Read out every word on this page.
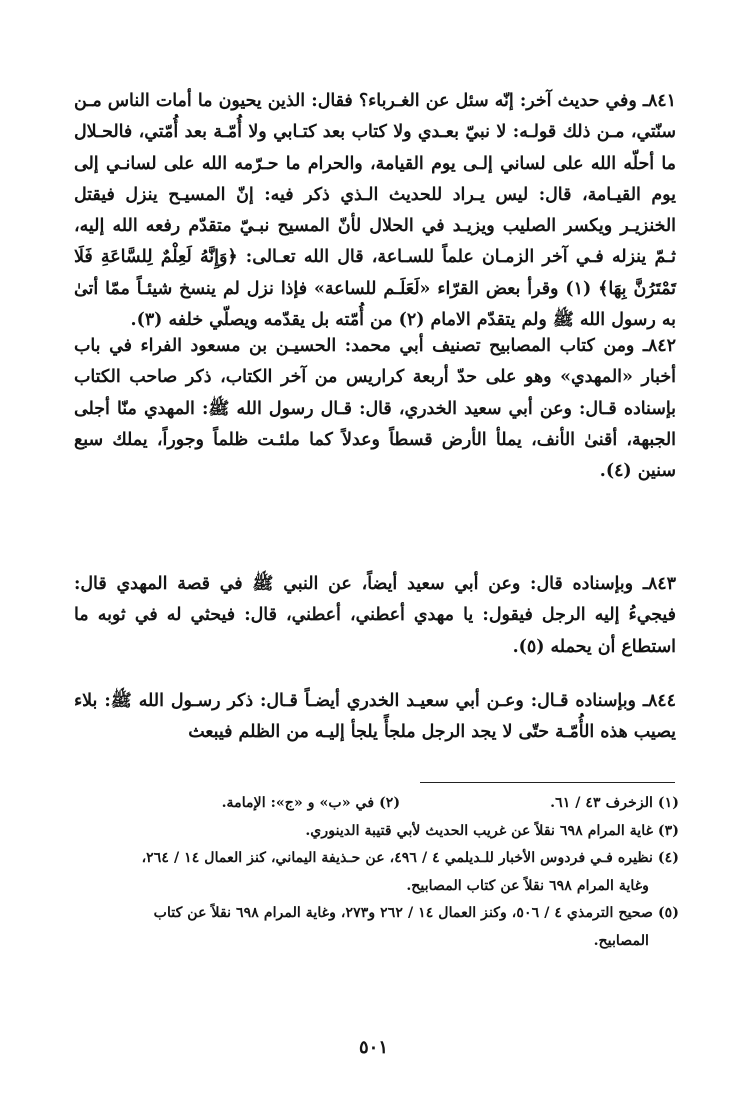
٨٤١ـ وفي حديث آخر: إنّه سئل عن الغـرباء؟ فقال: الذين يحيون ما أمات الناس مـن سنّتي، مـن ذلك قولـه: لا نبيّ بعـدي ولا كتاب بعد كتـابي ولا أُمّـة بعد أُمّتي، فالحـلال ما أحلّه الله على لساني إلـى يوم القيامة، والحرام ما حـرّمه الله على لسانـي إلى يوم القيـامة، قال: ليس يـراد للحديث الـذي ذكر فيه: إنّ المسيـح ينزل فيقتل الخنزيـر ويكسر الصليب ويزيـد في الحلال لأنّ المسيح نبـيّ متقدّم رفعه الله إليه، ثـمّ ينزله فـي آخر الزمـان علماً للسـاعة، قال الله تعـالى: ﴿وَإِنَّهُ لَعِلْمٌ لِلسَّاعَةِ فَلَا تَمْتَرُنَّ بِهَا﴾ (١) وقرأ بعض القرّاء «لَعَلَـم للساعة» فإذا نزل لم ينسخ شيئـاً ممّا أتىٰ به رسول الله ﷺ ولم يتقدّم الامام (٢) من أُمّته بل يقدّمه ويصلّي خلفه (٣).
٨٤٢ـ ومن كتاب المصابيح تصنيف أبي محمد: الحسيـن بن مسعود الفراء في باب أخبار «المهدي» وهو على حدّ أربعة كراريس من آخر الكتاب، ذكر صاحب الكتاب بإسناده قـال: وعن أبي سعيد الخدري، قال: قـال رسول الله ﷺ: المهدي منّا أجلى الجبهة، أقنىٰ الأنف، يملأ الأرض قسطاً وعدلاً كما ملئـت ظلماً وجوراً، يملك سبع سنين (٤).
٨٤٣ـ وبإسناده قال: وعن أبي سعيد أيضاً، عن النبي ﷺ في قصة المهدي قال: فيجيءُ إليه الرجل فيقول: يا مهدي أعطني، أعطني، قال: فيحثي له في ثوبه ما استطاع أن يحمله (٥).
٨٤٤ـ وبإسناده قـال: وعـن أبي سعيـد الخدري أيضـاً قـال: ذكر رسـول الله ﷺ: بلاء يصيب هذه الأُمّـة حتّى لا يجد الرجل ملجأً يلجأ إليـه من الظلم فيبعث
(١) الزخرف ٤٣ / ٦١.
(٢) في «ب» و «ج»: الإمامة.
(٣) غاية المرام ٦٩٨ نقلاً عن غريب الحديث لأبي قتيبة الدينوري.
(٤) نظيره فـي فردوس الأخبار للـديلمي ٤ / ٤٩٦، عن حـذيفة اليماني، كنز العمال ١٤ / ٢٦٤،
وغاية المرام ٦٩٨ نقلاً عن كتاب المصابيح.
(٥) صحيح الترمذي ٤ / ٥٠٦، وكنز العمال ١٤ / ٢٦٢ و٢٧٣، وغاية المرام ٦٩٨ نقلاً عن كتاب
المصابيح.
٥٠١
